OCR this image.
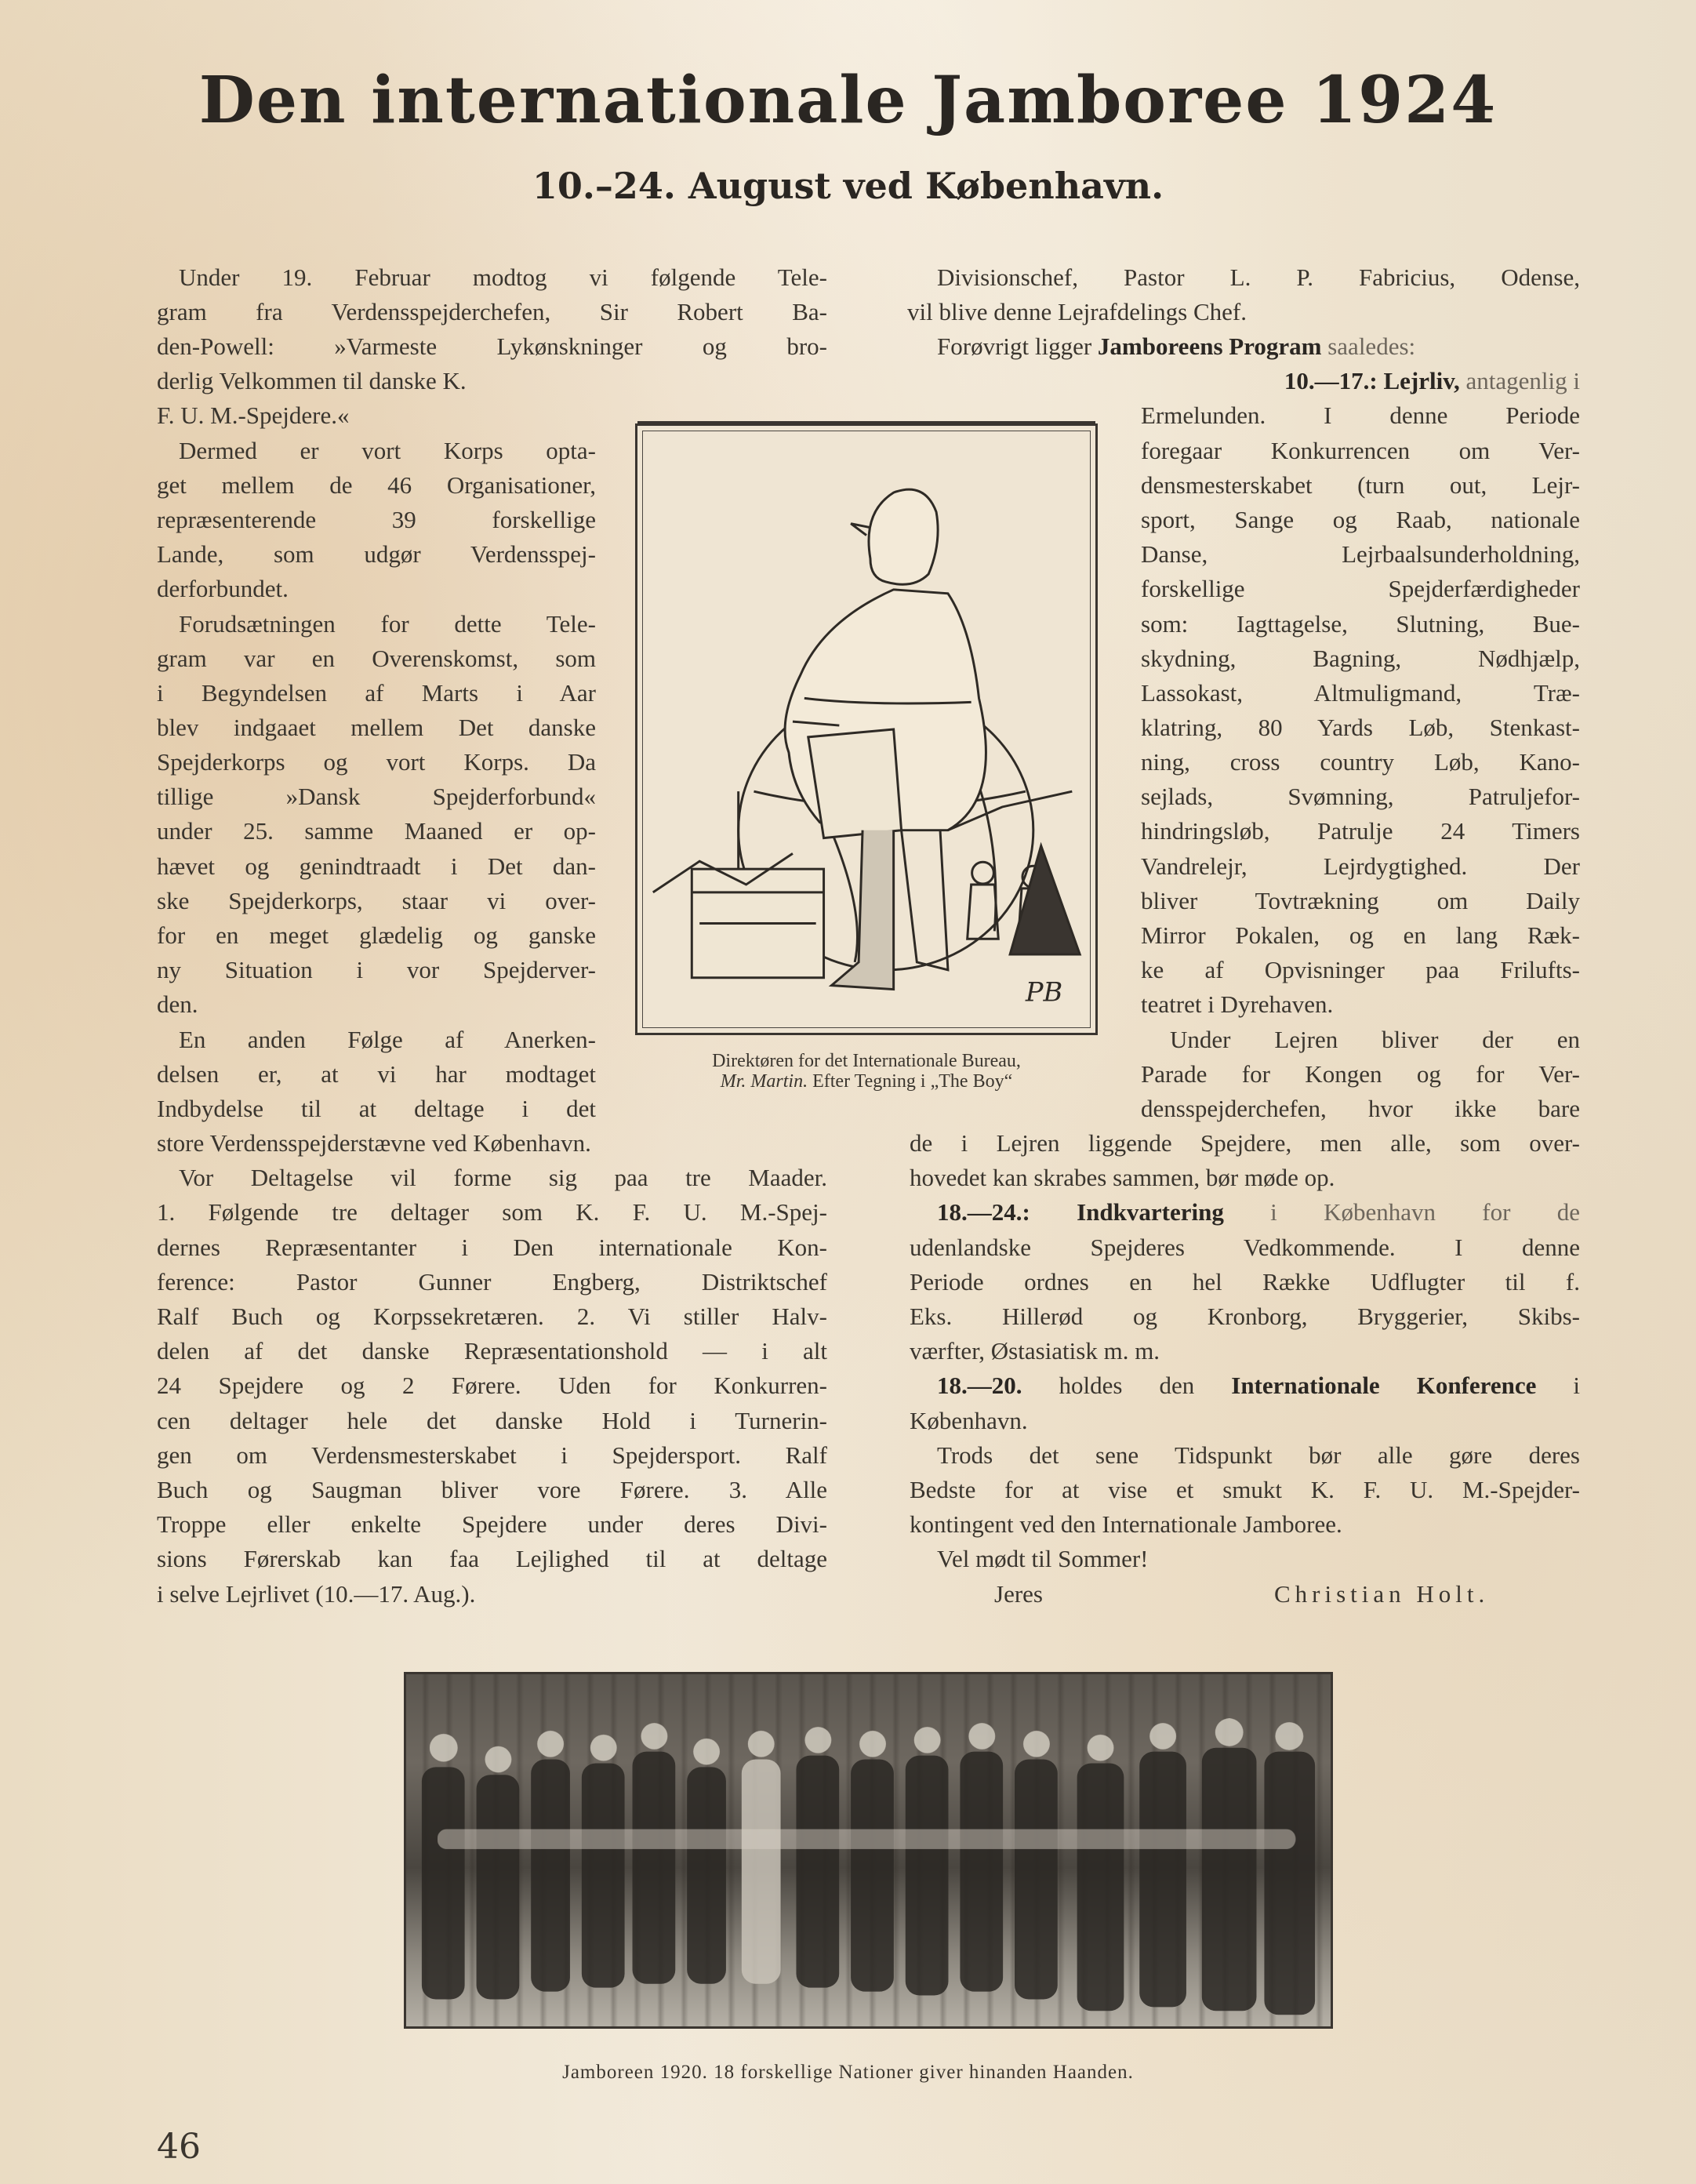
Den internationale Jamboree 1924
10.–24. August ved København.
Under 19. Februar modtog vi følgende Tele-
gram fra Verdensspejderchefen, Sir Robert Ba-
den-Powell: »Varmeste Lykønskninger og bro-
derlig Velkommen til danske K.
F. U. M.-Spejdere.«
Dermed er vort Korps opta-
get mellem de 46 Organisationer,
repræsenterende 39 forskellige
Lande, som udgør Verdensspej-
derforbundet.
Forudsætningen for dette Tele-
gram var en Overenskomst, som
i Begyndelsen af Marts i Aar
blev indgaaet mellem Det danske
Spejderkorps og vort Korps. Da
tillige »Dansk Spejderforbund«
under 25. samme Maaned er op-
hævet og genindtraadt i Det dan-
ske Spejderkorps, staar vi over-
for en meget glædelig og ganske
ny Situation i vor Spejderver-
den.
En anden Følge af Anerken-
delsen er, at vi har modtaget
Indbydelse til at deltage i det
store Verdensspejderstævne ved København.
Vor Deltagelse vil forme sig paa tre Maader.
1. Følgende tre deltager som K. F. U. M.-Spej-
dernes Repræsentanter i Den internationale Kon-
ference: Pastor Gunner Engberg, Distriktschef
Ralf Buch og Korpssekretæren. 2. Vi stiller Halv-
delen af det danske Repræsentationshold — i alt
24 Spejdere og 2 Førere. Uden for Konkurren-
cen deltager hele det danske Hold i Turnerin-
gen om Verdensmesterskabet i Spejdersport. Ralf
Buch og Saugman bliver vore Førere. 3. Alle
Troppe eller enkelte Spejdere under deres Divi-
sions Førerskab kan faa Lejlighed til at deltage
i selve Lejrlivet (10.—17. Aug.).
Divisionschef, Pastor L. P. Fabricius, Odense,
vil blive denne Lejrafdelings Chef.
Forøvrigt ligger Jamboreens Program saaledes:
10.—17.: Lejrliv, antagenlig i
Ermelunden. I denne Periode
foregaar Konkurrencen om Ver-
densmesterskabet (turn out, Lejr-
sport, Sange og Raab, nationale
Danse, Lejrbaalsunderholdning,
forskellige Spejderfærdigheder
som: Iagttagelse, Slutning, Bue-
skydning, Bagning, Nødhjælp,
Lassokast, Altmuligmand, Træ-
klatring, 80 Yards Løb, Stenkast-
ning, cross country Løb, Kano-
sejlads, Svømning, Patruljefor-
hindringsløb, Patrulje 24 Timers
Vandrelejr, Lejrdygtighed. Der
bliver Tovtrækning om Daily
Mirror Pokalen, og en lang Ræk-
ke af Opvisninger paa Frilufts-
teatret i Dyrehaven.
Under Lejren bliver der en
Parade for Kongen og for Ver-
densspejderchefen, hvor ikke bare
de i Lejren liggende Spejdere, men alle, som over-
hovedet kan skrabes sammen, bør møde op.
18.—24.: Indkvartering i København for de
udenlandske Spejderes Vedkommende. I denne
Periode ordnes en hel Række Udflugter til f.
Eks. Hillerød og Kronborg, Bryggerier, Skibs-
værfter, Østasiatisk m. m.
18.—20. holdes den Internationale Konference i
København.
Trods det sene Tidspunkt bør alle gøre deres
Bedste for at vise et smukt K. F. U. M.-Spejder-
kontingent ved den Internationale Jamboree.
Vel mødt til Sommer!
Jeres	Christian Holt.
PB
Direktøren for det Internationale Bureau,
Mr. Martin. Efter Tegning i „The Boy“
Jamboreen 1920. 18 forskellige Nationer giver hinanden Haanden.
46
